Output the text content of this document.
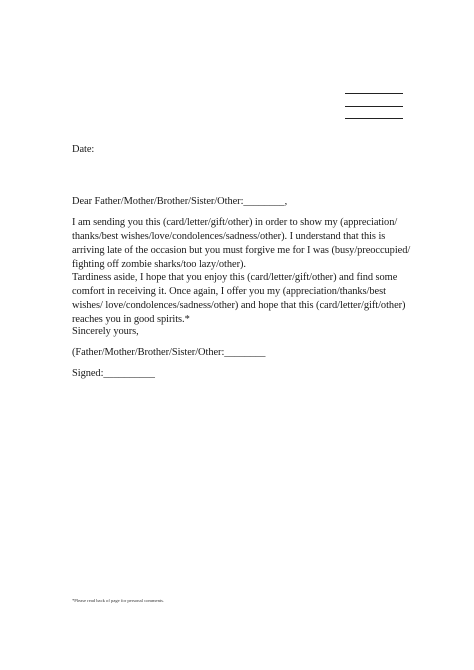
Date:
Dear Father/Mother/Brother/Sister/Other:________,
I am sending you this (card/letter/gift/other) in order to show my (appreciation/ thanks/best wishes/love/condolences/sadness/other). I understand that this is arriving late of the occasion but you must forgive me for I was (busy/preoccupied/ fighting off zombie sharks/too lazy/other).
Tardiness aside, I hope that you enjoy this (card/letter/gift/other) and find some comfort in receiving it. Once again, I offer you my (appreciation/thanks/best wishes/ love/condolences/sadness/other) and hope that this (card/letter/gift/other) reaches you in good spirits.*
Sincerely yours,
(Father/Mother/Brother/Sister/Other:________
Signed:__________
*Please read back of page for personal comments.
